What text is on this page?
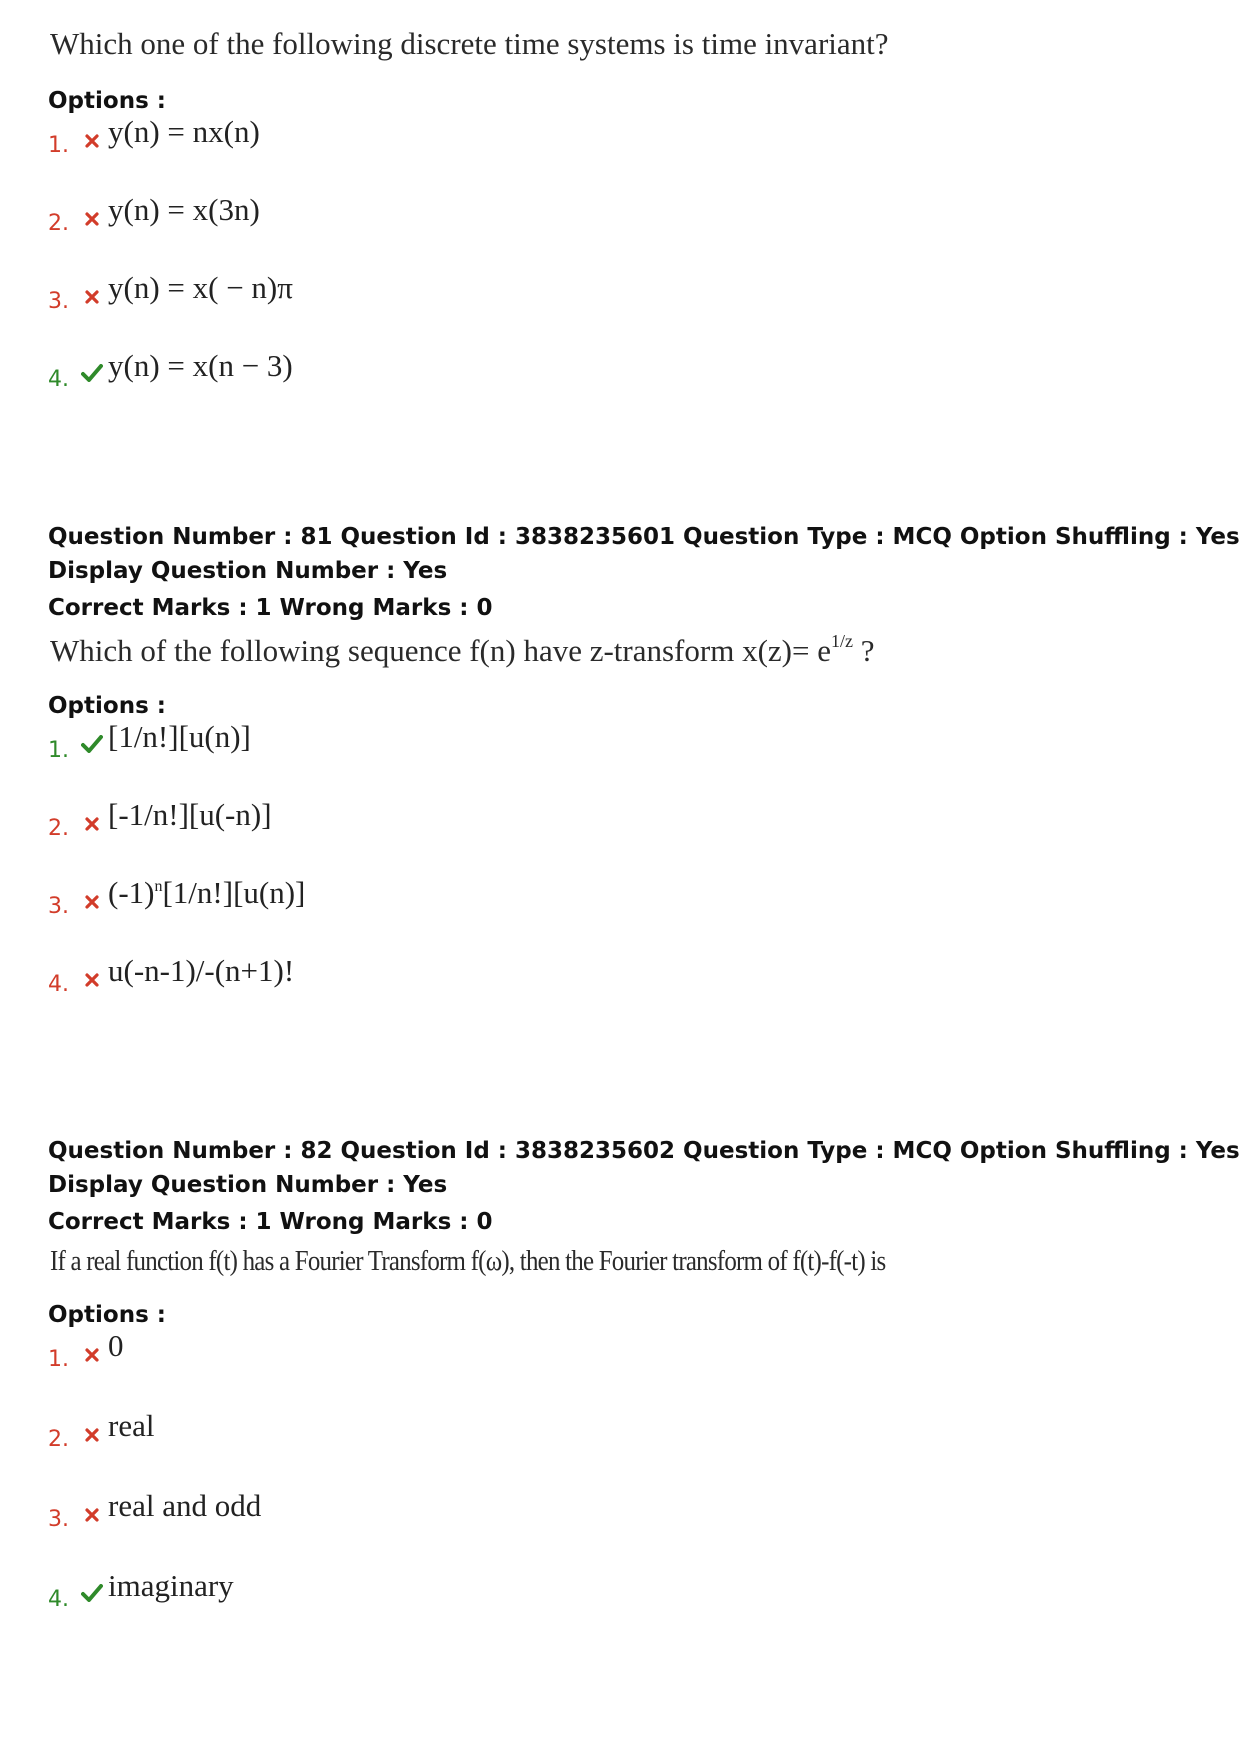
Which one of the following discrete time systems is time invariant?
Options :
1. y(n) = nx(n)
2. y(n) = x(3n)
3. y(n) = x( − n)π
4. y(n) = x(n − 3)
Question Number : 81 Question Id : 3838235601 Question Type : MCQ Option Shuffling : Yes
Display Question Number : Yes
Correct Marks : 1 Wrong Marks : 0
Which of the following sequence f(n) have z-transform $x(z)= e^{1/z}$ ?
Options :
1. [1/n!][u(n)]
2. [-1/n!][u(-n)]
3. $(-1)^n[1/n!][u(n)]$
4. u(-n-1)/-(n+1)!
Question Number : 82 Question Id : 3838235602 Question Type : MCQ Option Shuffling : Yes
Display Question Number : Yes
Correct Marks : 1 Wrong Marks : 0
If a real function f(t) has a Fourier Transform f(ω), then the Fourier transform of f(t)-f(-t) is
Options :
1. 0
2. real
3. real and odd
4. imaginary
